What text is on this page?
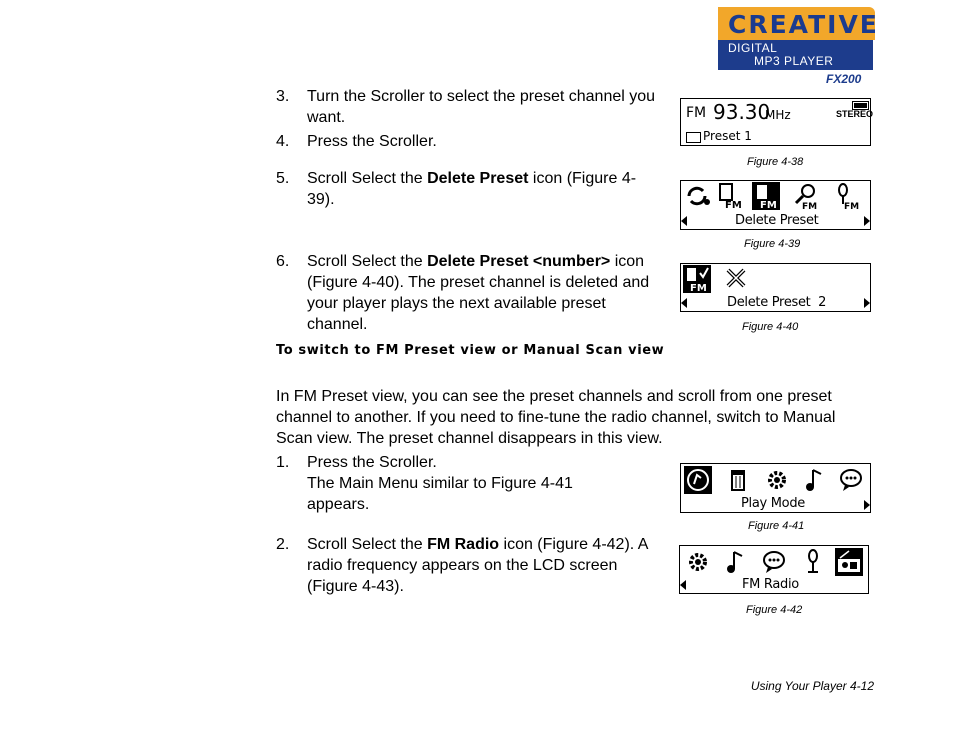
CREATIVE
DIGITAL
MP3 PLAYER
FX200
3. Turn the Scroller to select the preset channel you want.
4. Press the Scroller.
5. Scroll Select the Delete Preset icon (Figure 4-39).
6. Scroll Select the Delete Preset <number> icon (Figure 4-40). The preset channel is deleted and your player plays the next available preset channel.
To switch to FM Preset view or Manual Scan view
In FM Preset view, you can see the preset channels and scroll from one preset channel to another. If you need to fine-tune the radio channel, switch to Manual Scan view. The preset channel disappears in this view.
1. Press the Scroller.
The Main Menu similar to Figure 4-41 appears.
2. Scroll Select the FM Radio icon (Figure 4-42). A radio frequency appears on the LCD screen (Figure 4-43).
FM 93.30
MHz	STEREO
Preset 1
Figure 4-38
FM FM	FM	FM
Delete Preset
Figure 4-39
FM
Delete Preset  2
Figure 4-40
Play Mode
Figure 4-41
FM Radio
Figure 4-42
Using Your Player 4-12
